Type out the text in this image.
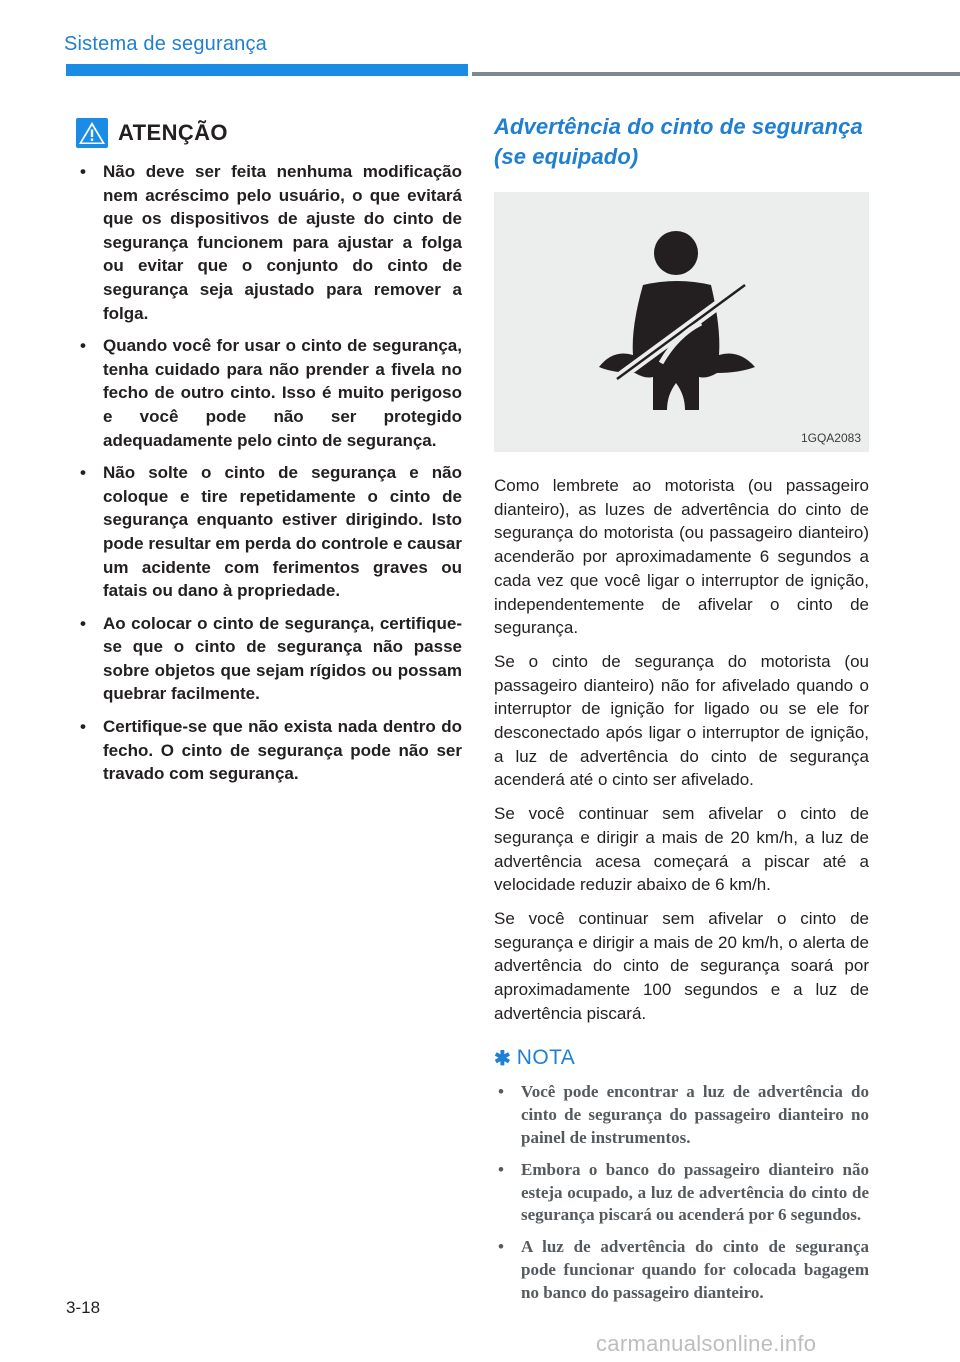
Sistema de segurança
ATENÇÃO
• Não deve ser feita nenhuma modificação nem acréscimo pelo usuário, o que evitará que os dispositivos de ajuste do cinto de segurança funcionem para ajustar a folga ou evitar que o conjunto do cinto de segurança seja ajustado para remover a folga.
• Quando você for usar o cinto de segurança, tenha cuidado para não prender a fivela no fecho de outro cinto. Isso é muito perigoso e você pode não ser protegido adequadamente pelo cinto de segurança.
• Não solte o cinto de segurança e não coloque e tire repetidamente o cinto de segurança enquanto estiver dirigindo. Isto pode resultar em perda do controle e causar um acidente com ferimentos graves ou fatais ou dano à propriedade.
• Ao colocar o cinto de segurança, certifique-se que o cinto de segurança não passe sobre objetos que sejam rígidos ou possam quebrar facilmente.
• Certifique-se que não exista nada dentro do fecho. O cinto de segurança pode não ser travado com segurança.
Advertência do cinto de segurança (se equipado)
1GQA2083

Como lembrete ao motorista (ou passageiro dianteiro), as luzes de advertência do cinto de segurança do motorista (ou passageiro dianteiro) acenderão por aproximadamente 6 segundos a cada vez que você ligar o interruptor de ignição, independentemente de afivelar o cinto de segurança.

Se o cinto de segurança do motorista (ou passageiro dianteiro) não for afivelado quando o interruptor de ignição for ligado ou se ele for desconectado após ligar o interruptor de ignição, a luz de advertência do cinto de segurança acenderá até o cinto ser afivelado.

Se você continuar sem afivelar o cinto de segurança e dirigir a mais de 20 km/h, a luz de advertência acesa começará a piscar até a velocidade reduzir abaixo de 6 km/h.

Se você continuar sem afivelar o cinto de segurança e dirigir a mais de 20 km/h, o alerta de advertência do cinto de segurança soará por aproximadamente 100 segundos e a luz de advertência piscará.

✱ NOTA
• Você pode encontrar a luz de advertência do cinto de segurança do passageiro dianteiro no painel de instrumentos.
• Embora o banco do passageiro dianteiro não esteja ocupado, a luz de advertência do cinto de segurança piscará ou acenderá por 6 segundos.
• A luz de advertência do cinto de segurança pode funcionar quando for colocada bagagem no banco do passageiro dianteiro.
3-18
carmanualsonline.info
